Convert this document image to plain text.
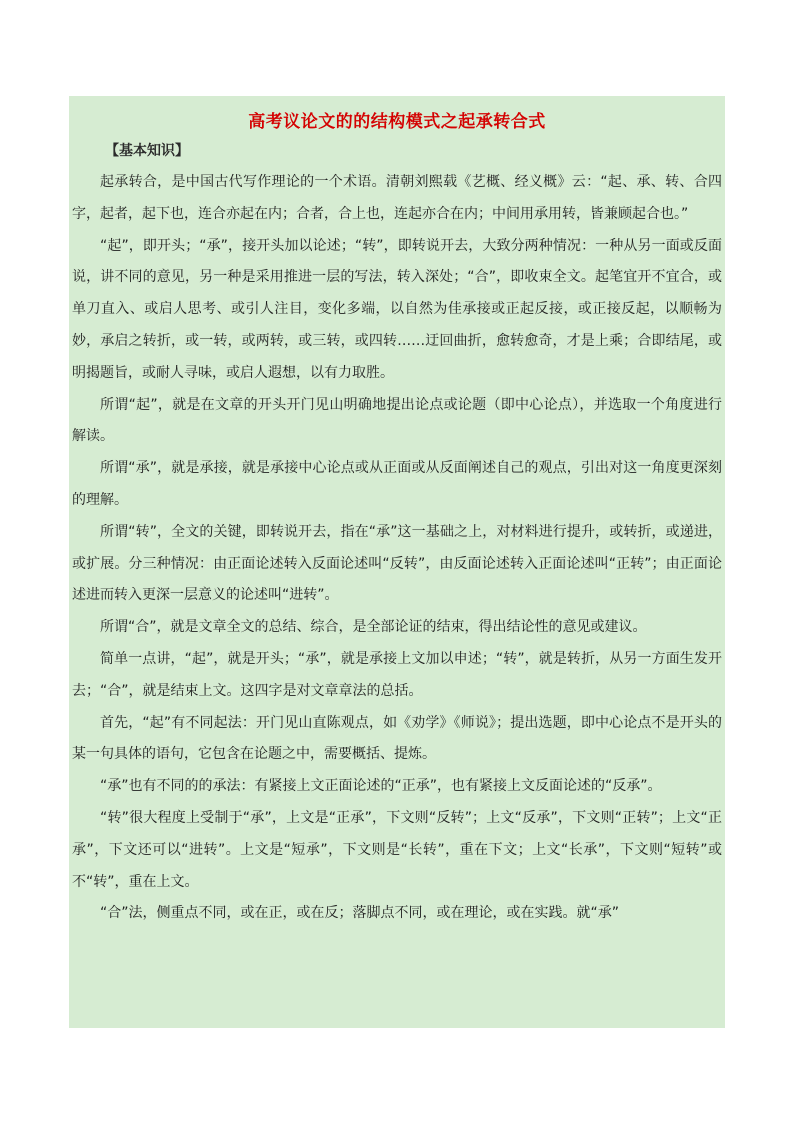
高考议论文的的结构模式之起承转合式
【基本知识】

起承转合，是中国古代写作理论的一个术语。清朝刘熙载《艺概、经义概》云：“起、承、转、合四字，起者，起下也，连合亦起在内；合者，合上也，连起亦合在内；中间用承用转，皆兼顾起合也。”

“起”，即开头；“承”，接开头加以论述；“转”，即转说开去，大致分两种情况：一种从另一面或反面说，讲不同的意见，另一种是采用推进一层的写法，转入深处；“合”，即收束全文。起笔宜开不宜合，或单刀直入、或启人思考、或引人注目，变化多端，以自然为佳承接或正起反接，或正接反起，以顺畅为妙，承启之转折，或一转，或两转，或三转，或四转……迂回曲折，愈转愈奇，才是上乘；合即结尾，或明揭题旨，或耐人寻味，或启人遐想，以有力取胜。

所谓“起”，就是在文章的开头开门见山明确地提出论点或论题（即中心论点），并选取一个角度进行解读。

所谓“承”，就是承接，就是承接中心论点或从正面或从反面阐述自己的观点，引出对这一角度更深刻的理解。

所谓“转”，全文的关键，即转说开去，指在“承”这一基础之上，对材料进行提升，或转折，或递进，或扩展。分三种情况：由正面论述转入反面论述叫“反转”，由反面论述转入正面论述叫“正转”；由正面论述进而转入更深一层意义的论述叫“进转”。

所谓“合”，就是文章全文的总结、综合，是全部论证的结束，得出结论性的意见或建议。

简单一点讲，“起”，就是开头；“承”，就是承接上文加以申述；“转”，就是转折，从另一方面生发开去；“合”，就是结束上文。这四字是对文章章法的总括。

首先，“起”有不同起法：开门见山直陈观点，如《劝学》《师说》；提出选题，即中心论点不是开头的某一句具体的语句，它包含在论题之中，需要概括、提炼。

“承”也有不同的的承法：有紧接上文正面论述的“正承”，也有紧接上文反面论述的“反承”。

“转”很大程度上受制于“承”，上文是“正承”，下文则“反转”；上文“反承”，下文则“正转”；上文“正承”，下文还可以“进转”。上文是“短承”，下文则是“长转”，重在下文；上文“长承”，下文则“短转”或不“转”，重在上文。

“合”法，侧重点不同，或在正，或在反；落脚点不同，或在理论，或在实践。就“承”
